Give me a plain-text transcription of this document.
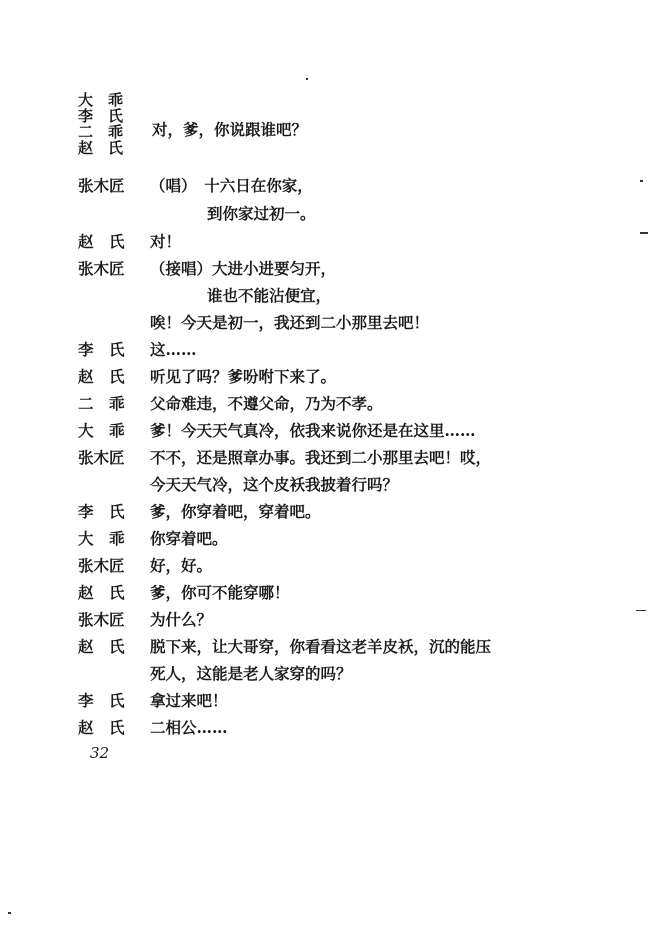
大　乖
李　氏
二　乖
赵　氏
对，爹，你说跟谁吧？
张木匠 （唱）　十六日在你家，
到你家过初一。
赵　氏 对！
张木匠 （接唱）大进小进要匀开，
谁也不能沾便宜，
唉！今天是初一，我还到二小那里去吧！
李　氏 这……
赵　氏 听见了吗？爹吩咐下来了。
二　乖 父命难违，不遵父命，乃为不孝。
大　乖 爹！今天天气真冷，依我来说你还是在这里……
张木匠 不不，还是照章办事。我还到二小那里去吧！哎，
今天天气冷，这个皮袄我披着行吗？
李　氏 爹，你穿着吧，穿着吧。
大　乖 你穿着吧。
张木匠 好，好。
赵　氏 爹，你可不能穿哪！
张木匠 为什么？
赵　氏 脱下来，让大哥穿，你看看这老羊皮袄，沉的能压
死人，这能是老人家穿的吗？
李　氏 拿过来吧！
赵　氏 二相公……
32
